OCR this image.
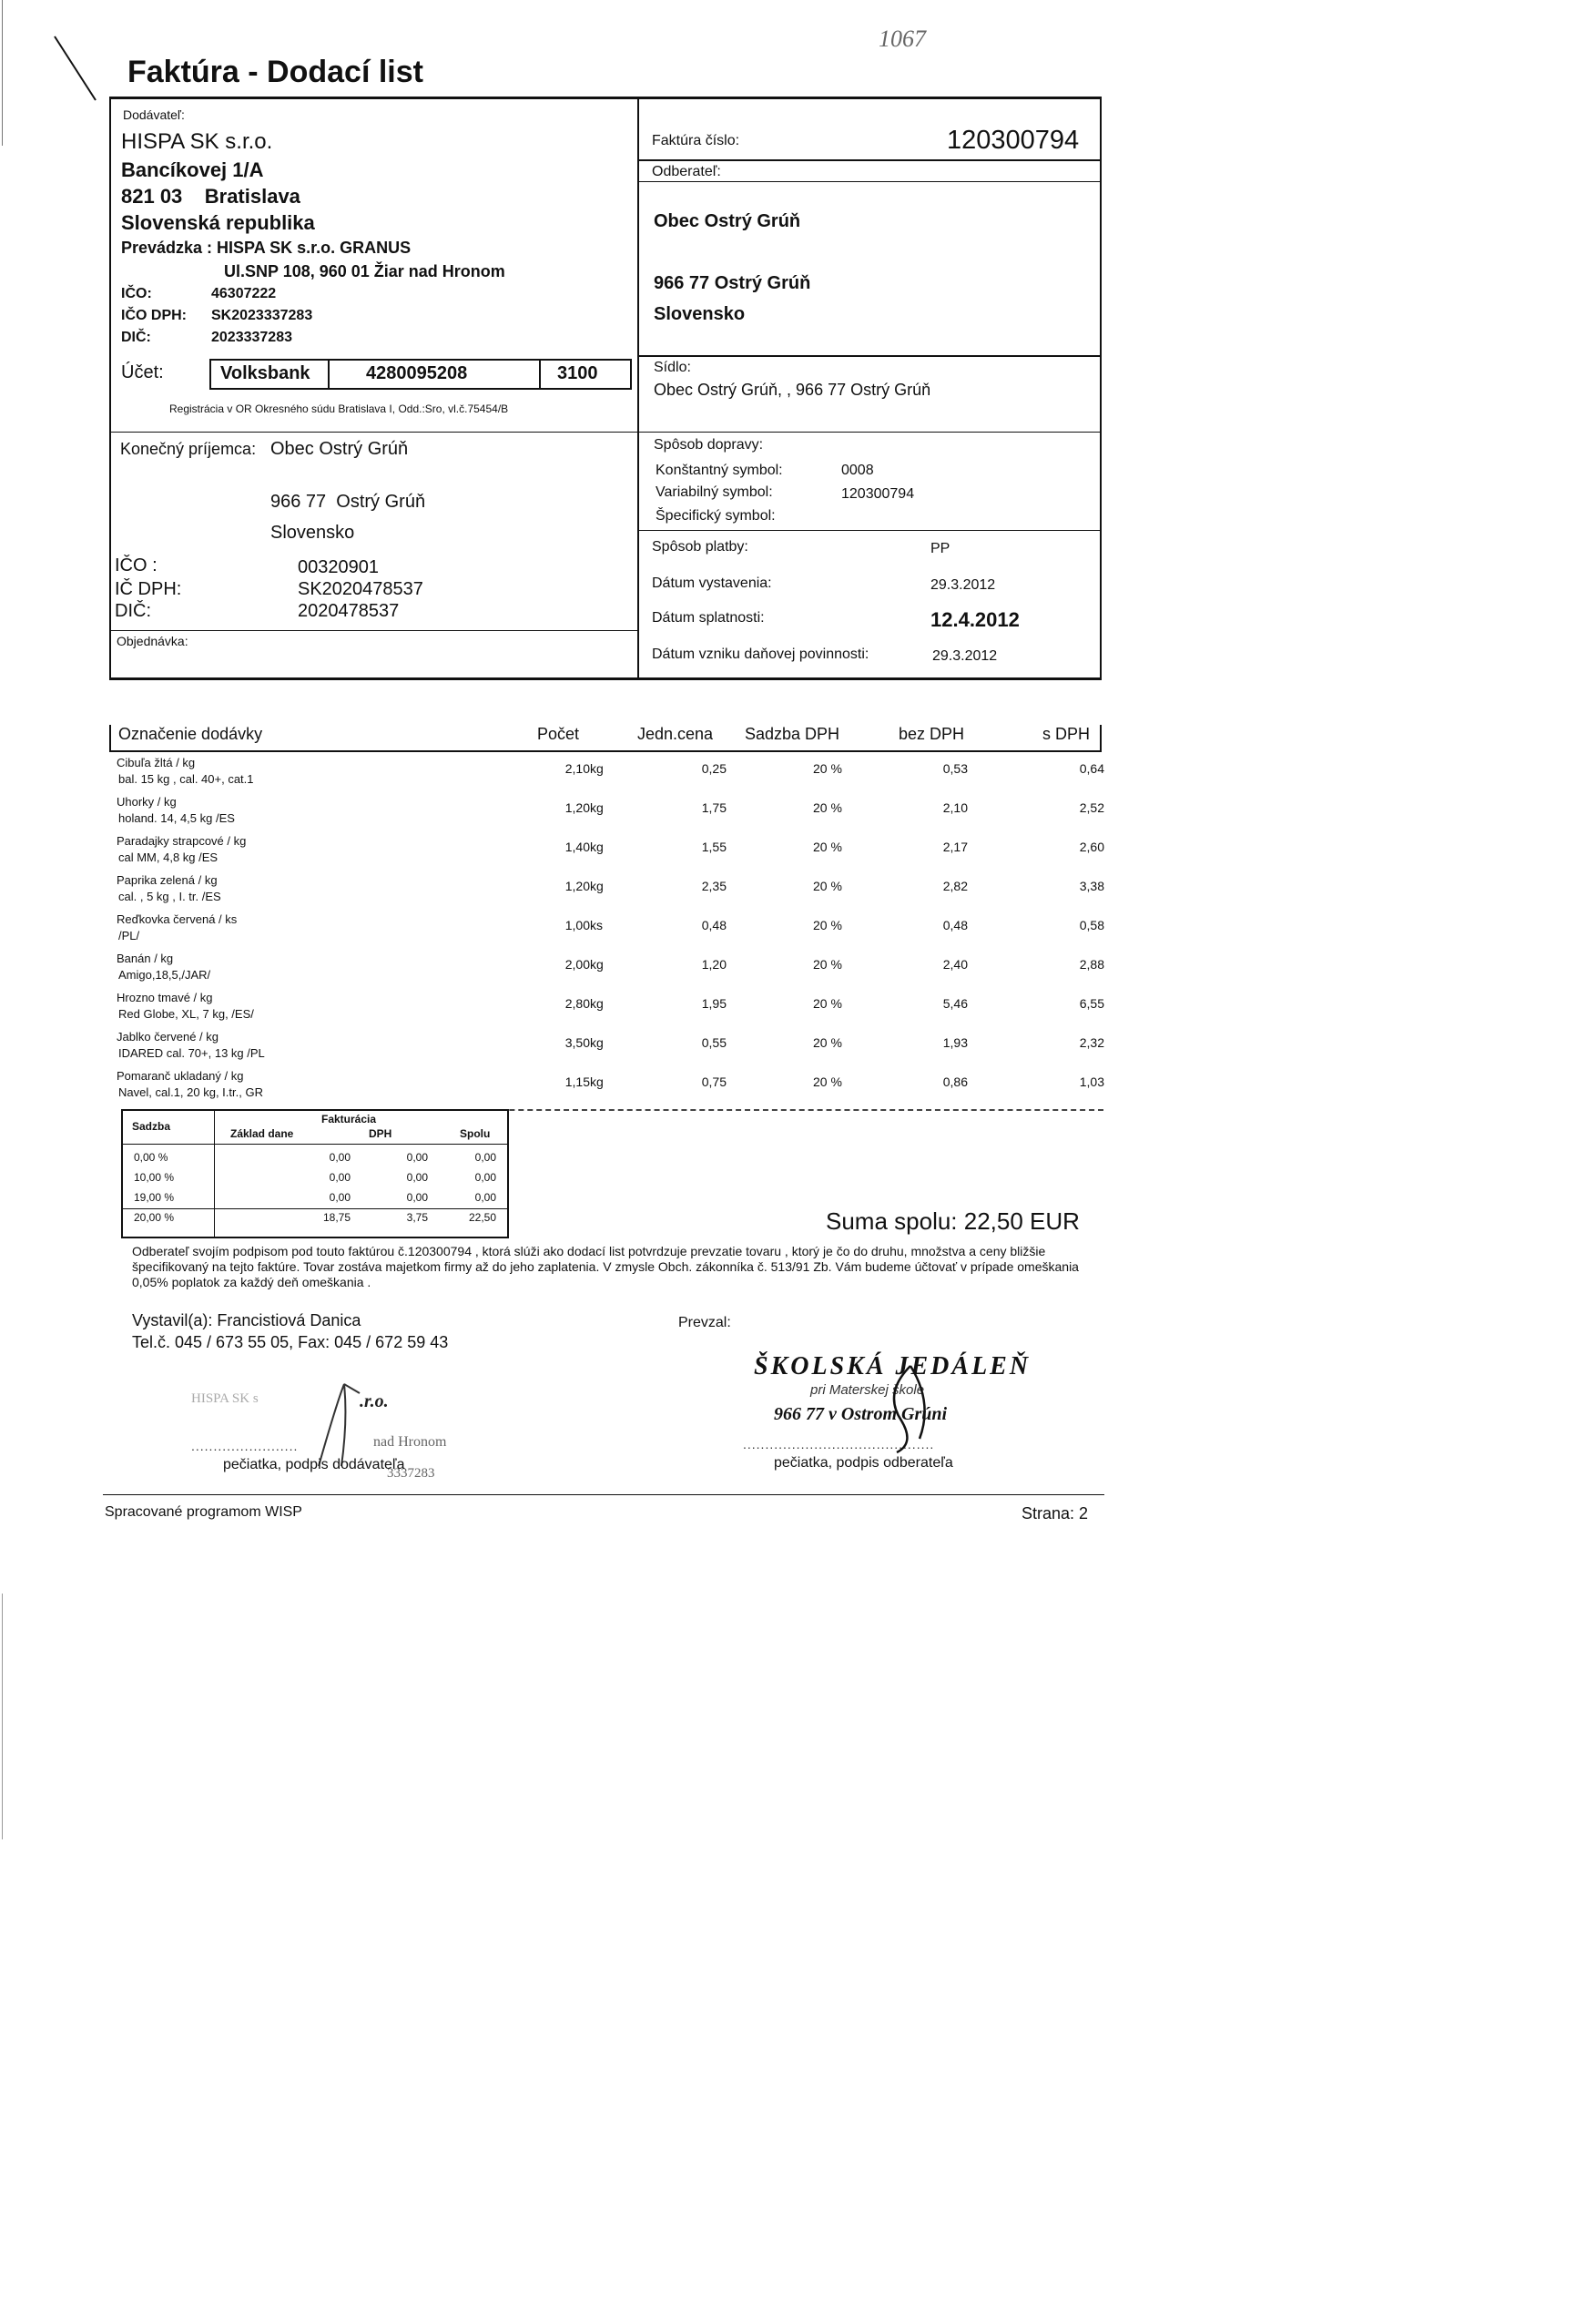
1067
Faktúra - Dodací list
Dodávateľ:
HISPA SK s.r.o.
Bancíkovej 1/A
821 03    Bratislava
Slovenská republika
Prevádzka : HISPA SK s.r.o. GRANUS
Ul.SNP 108, 960 01 Žiar nad Hronom
IČO:	46307222
IČO DPH: SK2023337283
DIČ:	2023337283
Účet:	Volksbank	4280095208	3100
Registrácia v OR Okresného súdu Bratislava I, Odd.:Sro, vl.č.75454/B
Faktúra číslo:	120300794
Odberateľ:
Obec Ostrý Grúň
966 77 Ostrý Grúň
Slovensko
Sídlo:
Obec Ostrý Grúň, , 966 77 Ostrý Grúň
Konečný príjemca: Obec Ostrý Grúň
966 77  Ostrý Grúň
Slovensko
IČO :	00320901
IČ DPH:	SK2020478537
DIČ:	2020478537
Objednávka:
Spôsob dopravy:
Konštantný symbol:	0008
Variabilný symbol:	120300794
Špecifický symbol:
Spôsob platby:	PP
Dátum vystavenia:	29.3.2012
Dátum splatnosti:	12.4.2012
Dátum vzniku daňovej povinnosti:	29.3.2012
Označenie dodávky	Počet	Jedn.cena Sadzba DPH	bez DPH	s DPH
Cibuľa žltá / kg
bal. 15 kg , cal. 40+, cat.1
2,10 kg	0,25	20 %	0,53	0,64
Uhorky / kg
holand. 14, 4,5 kg /ES
1,20 kg	1,75	20 %	2,10	2,52
Paradajky strapcové / kg
cal MM, 4,8 kg /ES
1,40 kg	1,55	20 %	2,17	2,60
Paprika zelená / kg
cal. , 5 kg , I. tr. /ES
1,20 kg	2,35	20 %	2,82	3,38
Reďkovka červená / ks
/PL/
1,00 ks	0,48	20 %	0,48	0,58
Banán / kg
Amigo,18,5,/JAR/
2,00 kg	1,20	20 %	2,40	2,88
Hrozno tmavé / kg
Red Globe, XL, 7 kg, /ES/
2,80 kg	1,95	20 %	5,46	6,55
Jablko červené / kg
IDARED cal. 70+, 13 kg /PL
3,50 kg	0,55	20 %	1,93	2,32
Pomaranč ukladaný / kg
Navel, cal.1, 20 kg, I.tr., GR
1,15 kg	0,75	20 %	0,86	1,03
Sadzba
Fakturácia
Základ dane	DPH	Spolu
0,00 %	0,00	0,00	0,00
10,00 %	0,00	0,00	0,00
19,00 %	0,00	0,00	0,00
20,00 %	18,75	3,75	22,50	Suma spolu: 22,50 EUR
Odberateľ svojím podpisom pod touto faktúrou č.120300794 , ktorá slúži ako dodací list potvrdzuje prevzatie tovaru , ktorý je čo do druhu, množstva a ceny bližšie špecifikovaný na tejto faktúre. Tovar zostáva majetkom firmy až do jeho zaplatenia. V zmysle Obch. zákonníka č. 513/91 Zb. Vám budeme účtovať v prípade omeškania 0,05% poplatok za každý deň omeškania .
Vystavil(a): Francistiová Danica
Tel.č. 045 / 673 55 05, Fax: 045 / 672 59 43
Prevzal:
.r.o.
nad Hronom
3337283
HISPA SK s
........................
pečiatka, podpis dodávateľa
ŠKOLSKÁ JEDÁLEŇ
pri Materskej škole
966 77 v Ostrom Grúni
...........................................
pečiatka, podpis odberateľa
Spracované programom WISP	Strana: 2
